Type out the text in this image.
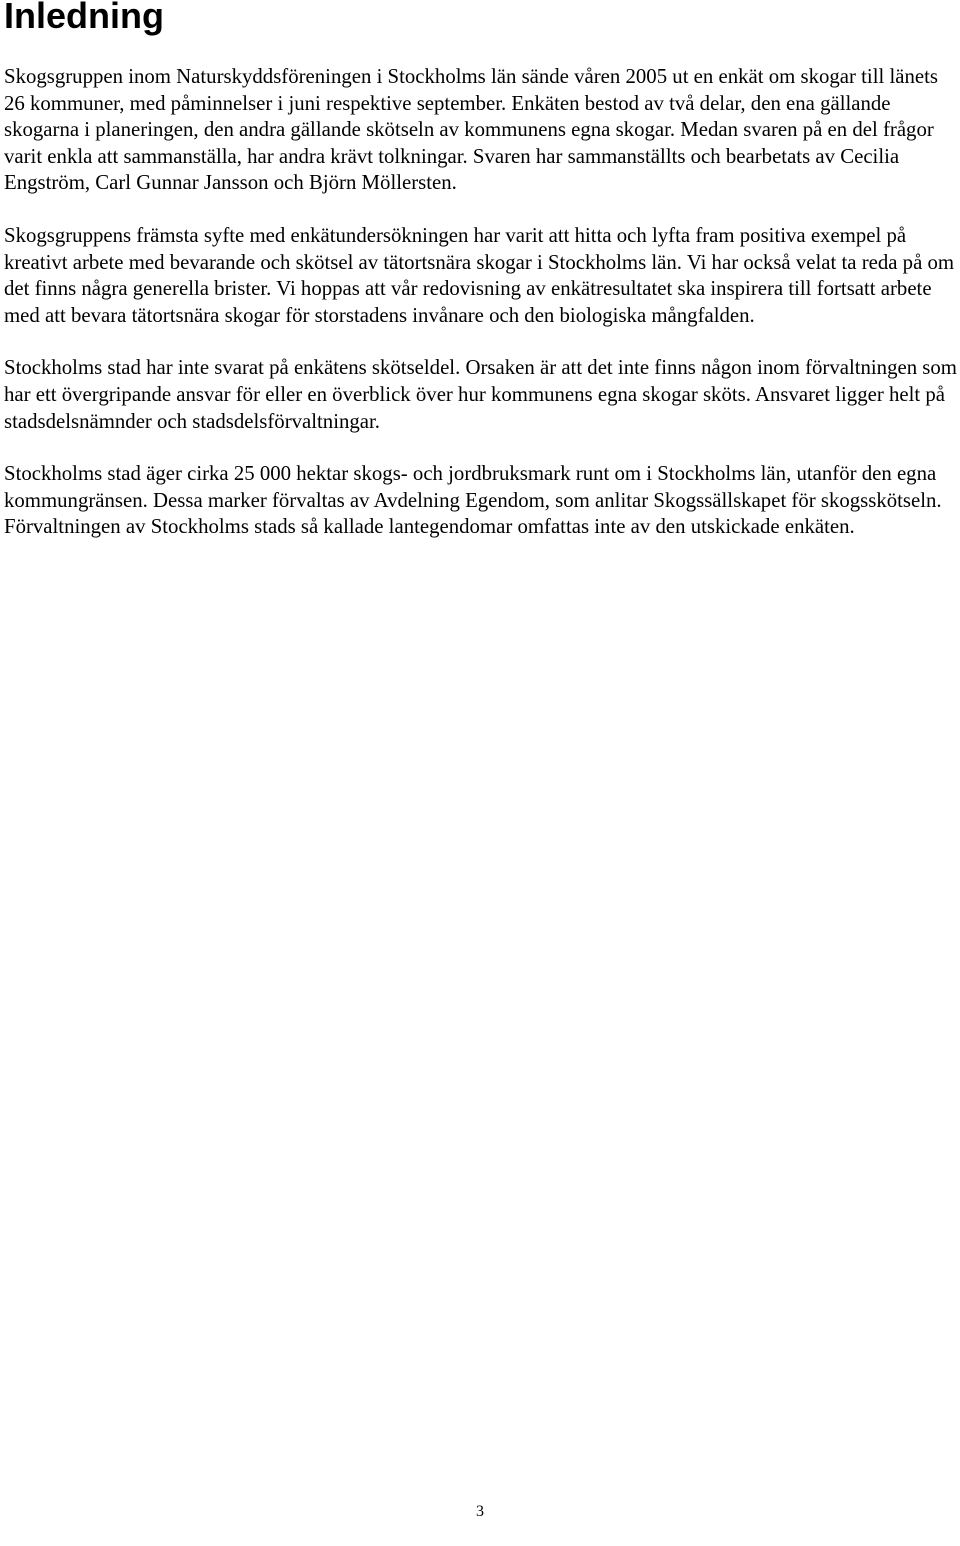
Inledning

Skogsgruppen inom Naturskyddsföreningen i Stockholms län sände våren 2005 ut en enkät om skogar till länets 26 kommuner, med påminnelser i juni respektive september. Enkäten bestod av två delar, den ena gällande skogarna i planeringen, den andra gällande skötseln av kommunens egna skogar. Medan svaren på en del frågor varit enkla att sammanställa, har andra krävt tolkningar. Svaren har sammanställts och bearbetats av Cecilia Engström, Carl Gunnar Jansson och Björn Möllersten.

Skogsgruppens främsta syfte med enkätundersökningen har varit att hitta och lyfta fram positiva exempel på kreativt arbete med bevarande och skötsel av tätortsnära skogar i Stockholms län. Vi har också velat ta reda på om det finns några generella brister. Vi hoppas att vår redovisning av enkätresultatet ska inspirera till fortsatt arbete med att bevara tätortsnära skogar för storstadens invånare och den biologiska mångfalden.

Stockholms stad har inte svarat på enkätens skötseldel. Orsaken är att det inte finns någon inom förvaltningen som har ett övergripande ansvar för eller en överblick över hur kommunens egna skogar sköts. Ansvaret ligger helt på stadsdelsnämnder och stadsdelsförvaltningar.

Stockholms stad äger cirka 25 000 hektar skogs- och jordbruksmark runt om i Stockholms län, utanför den egna kommungränsen. Dessa marker förvaltas av Avdelning Egendom, som anlitar Skogssällskapet för skogsskötseln. Förvaltningen av Stockholms stads så kallade lantegendomar omfattas inte av den utskickade enkäten.

3
